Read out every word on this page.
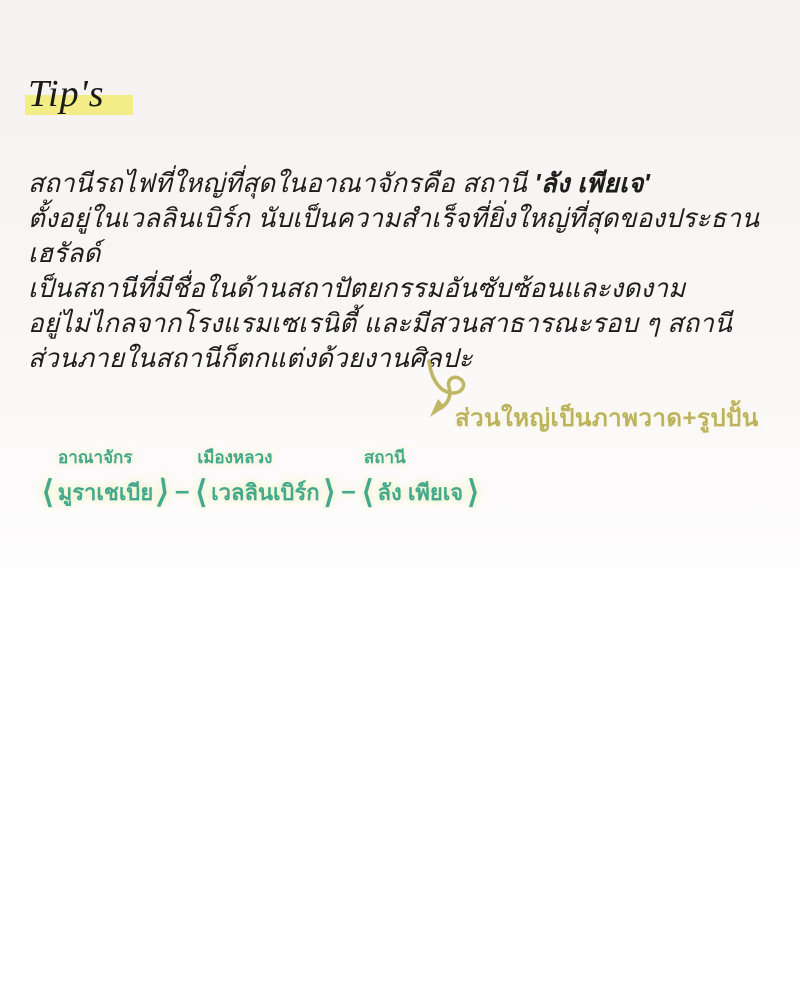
Tip's
สถานีรถไฟที่ใหญ่ที่สุดในอาณาจักรคือ สถานี 'ลัง เพียเจ'
ตั้งอยู่ในเวลลินเบิร์ก นับเป็นความสำเร็จที่ยิ่งใหญ่ที่สุดของประธานเฮรัลด์
เป็นสถานีที่มีชื่อในด้านสถาปัตยกรรมอันซับซ้อนและงดงาม
อยู่ไม่ไกลจากโรงแรมเซเรนิตี้ และมีสวนสาธารณะรอบ ๆ สถานี
ส่วนภายในสถานีก็ตกแต่งด้วยงานศิลปะ
ส่วนใหญ่เป็นภาพวาด+รูปปั้น
อาณาจักร
⟨ มูราเชเบีย ⟩ –
เมืองหลวง
⟨ เวลลินเบิร์ก ⟩ –
สถานี
⟨ ลัง เพียเจ ⟩
